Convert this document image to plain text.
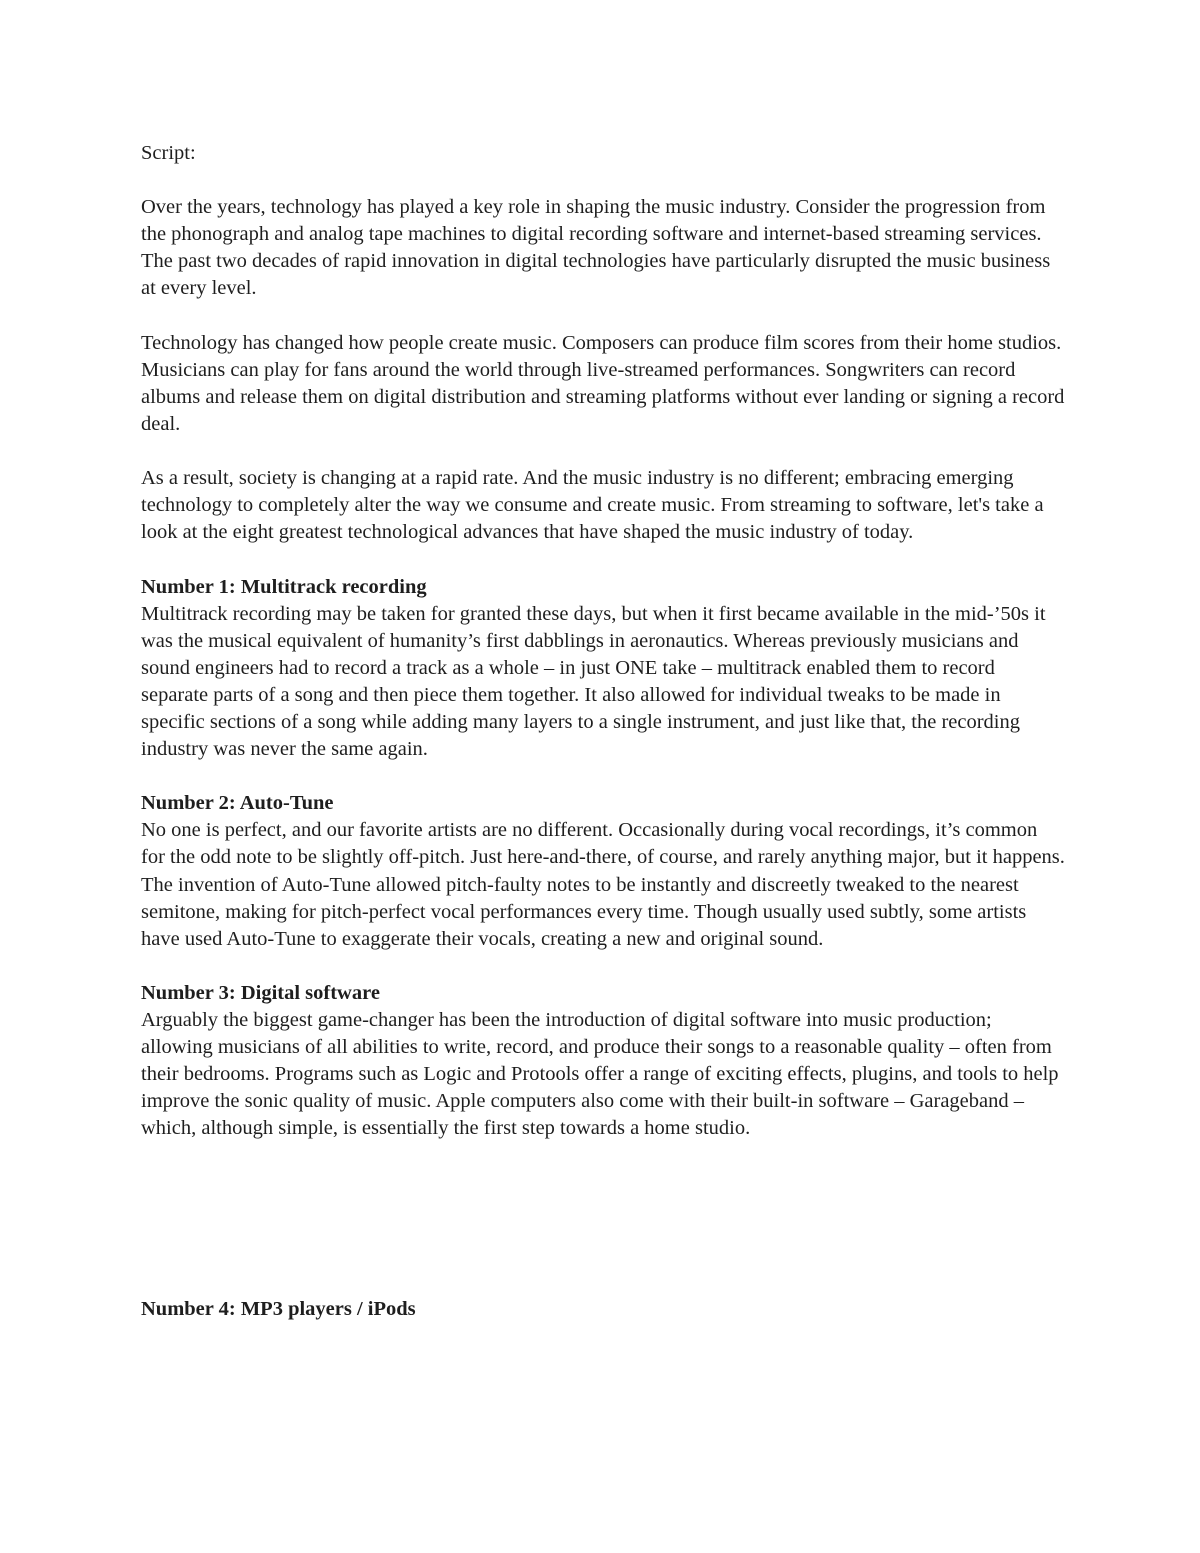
Script:

Over the years, technology has played a key role in shaping the music industry. Consider the progression from the phonograph and analog tape machines to digital recording software and internet-based streaming services. The past two decades of rapid innovation in digital technologies have particularly disrupted the music business at every level.

Technology has changed how people create music. Composers can produce film scores from their home studios. Musicians can play for fans around the world through live-streamed performances. Songwriters can record albums and release them on digital distribution and streaming platforms without ever landing or signing a record deal.

As a result, society is changing at a rapid rate. And the music industry is no different; embracing emerging technology to completely alter the way we consume and create music. From streaming to software, let's take a look at the eight greatest technological advances that have shaped the music industry of today.

Number 1: Multitrack recording
Multitrack recording may be taken for granted these days, but when it first became available in the mid-’50s it was the musical equivalent of humanity’s first dabblings in aeronautics. Whereas previously musicians and sound engineers had to record a track as a whole – in just ONE take – multitrack enabled them to record separate parts of a song and then piece them together. It also allowed for individual tweaks to be made in specific sections of a song while adding many layers to a single instrument, and just like that, the recording industry was never the same again.
Number 2: Auto-Tune
No one is perfect, and our favorite artists are no different. Occasionally during vocal recordings, it’s common for the odd note to be slightly off-pitch. Just here-and-there, of course, and rarely anything major, but it happens. The invention of Auto-Tune allowed pitch-faulty notes to be instantly and discreetly tweaked to the nearest semitone, making for pitch-perfect vocal performances every time. Though usually used subtly, some artists have used Auto-Tune to exaggerate their vocals, creating a new and original sound.
Number 3: Digital software
Arguably the biggest game-changer has been the introduction of digital software into music production; allowing musicians of all abilities to write, record, and produce their songs to a reasonable quality – often from their bedrooms. Programs such as Logic and Protools offer a range of exciting effects, plugins, and tools to help improve the sonic quality of music. Apple computers also come with their built-in software – Garageband – which, although simple, is essentially the first step towards a home studio.
Number 4: MP3 players / iPods
